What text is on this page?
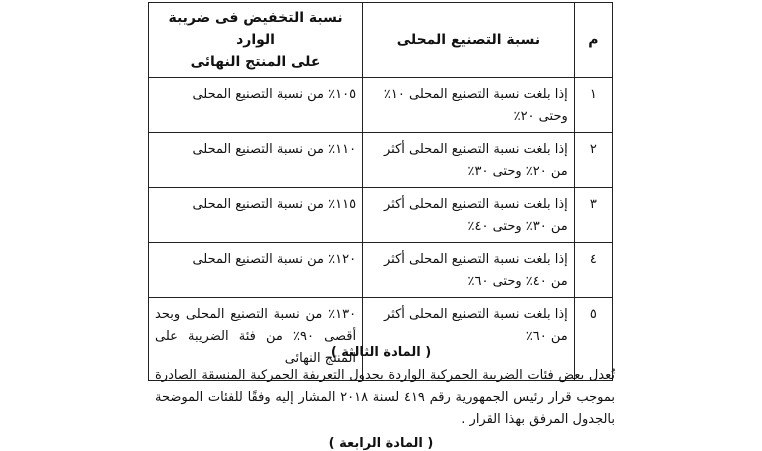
م	نسبة التصنيع المحلى	نسبة التخفيض فى ضريبة الوارد
على المنتج النهائى

١	إذا بلغت نسبة التصنيع المحلى ١٠٪ وحتى ٢٠٪	١٠٥٪ من نسبة التصنيع المحلى
٢	إذا بلغت نسبة التصنيع المحلى أكثر من ٢٠٪ وحتى ٣٠٪	١١٠٪ من نسبة التصنيع المحلى
٣	إذا بلغت نسبة التصنيع المحلى أكثر من ٣٠٪ وحتى ٤٠٪	١١٥٪ من نسبة التصنيع المحلى
٤	إذا بلغت نسبة التصنيع المحلى أكثر من ٤٠٪ وحتى ٦٠٪	١٢٠٪ من نسبة التصنيع المحلى
٥	إذا بلغت نسبة التصنيع المحلى أكثر من ٦٠٪	١٣٠٪ من نسبة التصنيع المحلى وبحد أقصى ٩٠٪ من فئة الضريبة على المنتج النهائى
( المادة الثالثة )
تُعدل بعض فئات الضريبة الجمركية الواردة بجدول التعريفة الجمركية المنسقة الصادرة بموجب قرار رئيس الجمهورية رقم ٤١٩ لسنة ٢٠١٨ المشار إليه وفقًا للفئات الموضحة بالجدول المرفق بهذا القرار .
( المادة الرابعة )
